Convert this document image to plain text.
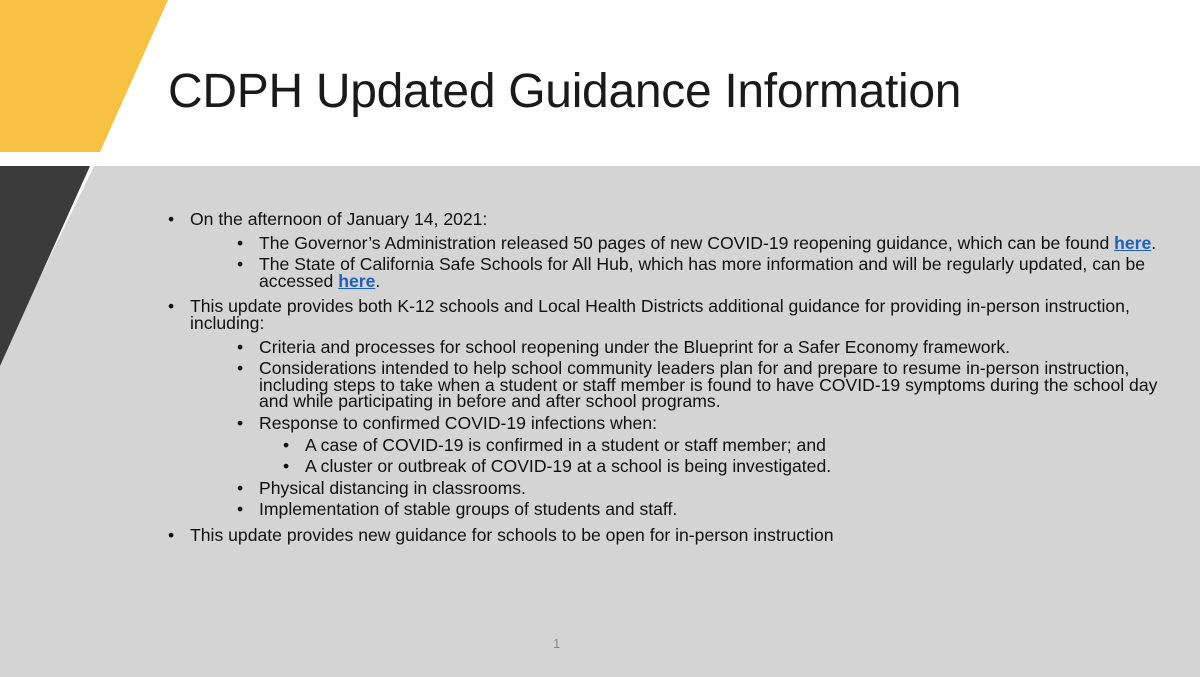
CDPH Updated Guidance Information
• On the afternoon of January 14, 2021:
• The Governor’s Administration released 50 pages of new COVID-19 reopening guidance, which can be found here.
• The State of California Safe Schools for All Hub, which has more information and will be regularly updated, can be accessed here.
• This update provides both K-12 schools and Local Health Districts additional guidance for providing in-person instruction, including:
• Criteria and processes for school reopening under the Blueprint for a Safer Economy framework.
• Considerations intended to help school community leaders plan for and prepare to resume in-person instruction, including steps to take when a student or staff member is found to have COVID-19 symptoms during the school day and while participating in before and after school programs.
• Response to confirmed COVID-19 infections when:
• A case of COVID-19 is confirmed in a student or staff member; and
• A cluster or outbreak of COVID-19 at a school is being investigated.
• Physical distancing in classrooms.
• Implementation of stable groups of students and staff.
• This update provides new guidance for schools to be open for in-person instruction
1
